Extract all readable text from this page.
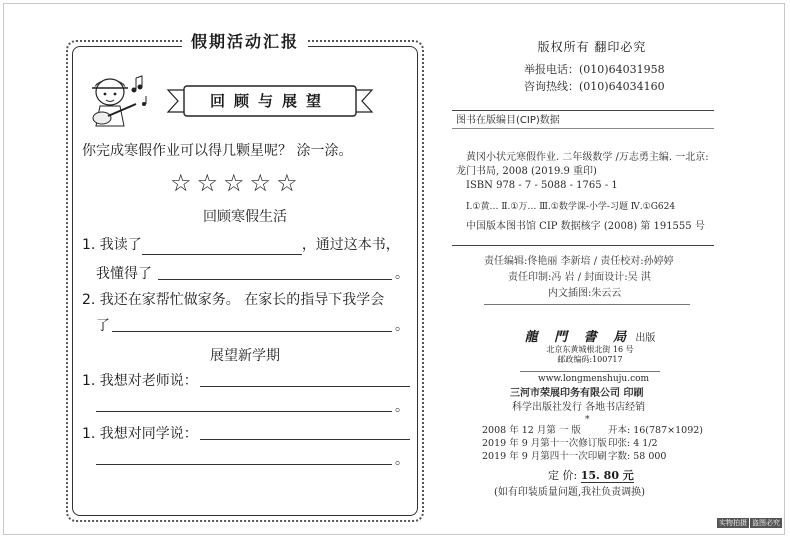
假期活动汇报
回顾与展望
你完成寒假作业可以得几颗星呢？ 涂一涂。
☆☆☆☆☆
回顾寒假生活
1. 我读了	，通过这本书，
我懂得了	。
2. 我还在家帮忙做家务。 在家长的指导下我学会
了	。
展望新学期
1. 我想对老师说：
。
1. 我想对同学说：
。
版权所有 翻印必究
举报电话：(010)64031958
咨询热线：(010)64034160
图书在版编目(CIP)数据
黄冈小状元寒假作业. 二年级数学 /万志勇主编. 一北京:
龙门书局, 2008 (2019.9 重印)
ISBN 978 - 7 - 5088 - 1765 - 1
Ⅰ.①黄… Ⅱ.①万… Ⅲ.①数学课-小学-习题 Ⅳ.①G624
中国版本图书馆 CIP 数据核字 (2008) 第 191555 号
责任编辑:佟艳丽 李新培 / 责任校对:孙婷婷
责任印制:冯 岩 / 封面设计:吴 淇
内文插图:朱云云
龍 門 書 局 出版
北京东黄城根北街 16 号
邮政编码:100717
www.longmenshuju.com
三河市荣展印务有限公司 印刷
科学出版社发行 各地书店经销
*
2008 年 12 月第 一 版	开本: 16(787×1092)
2019 年 9 月第十一次修订版 印张: 4 1/2
2019 年 9 月第四十一次印刷 字数: 58 000
定 价: 15. 80 元
(如有印装质量问题,我社负责调换)
实物拍摄 盗图必究
